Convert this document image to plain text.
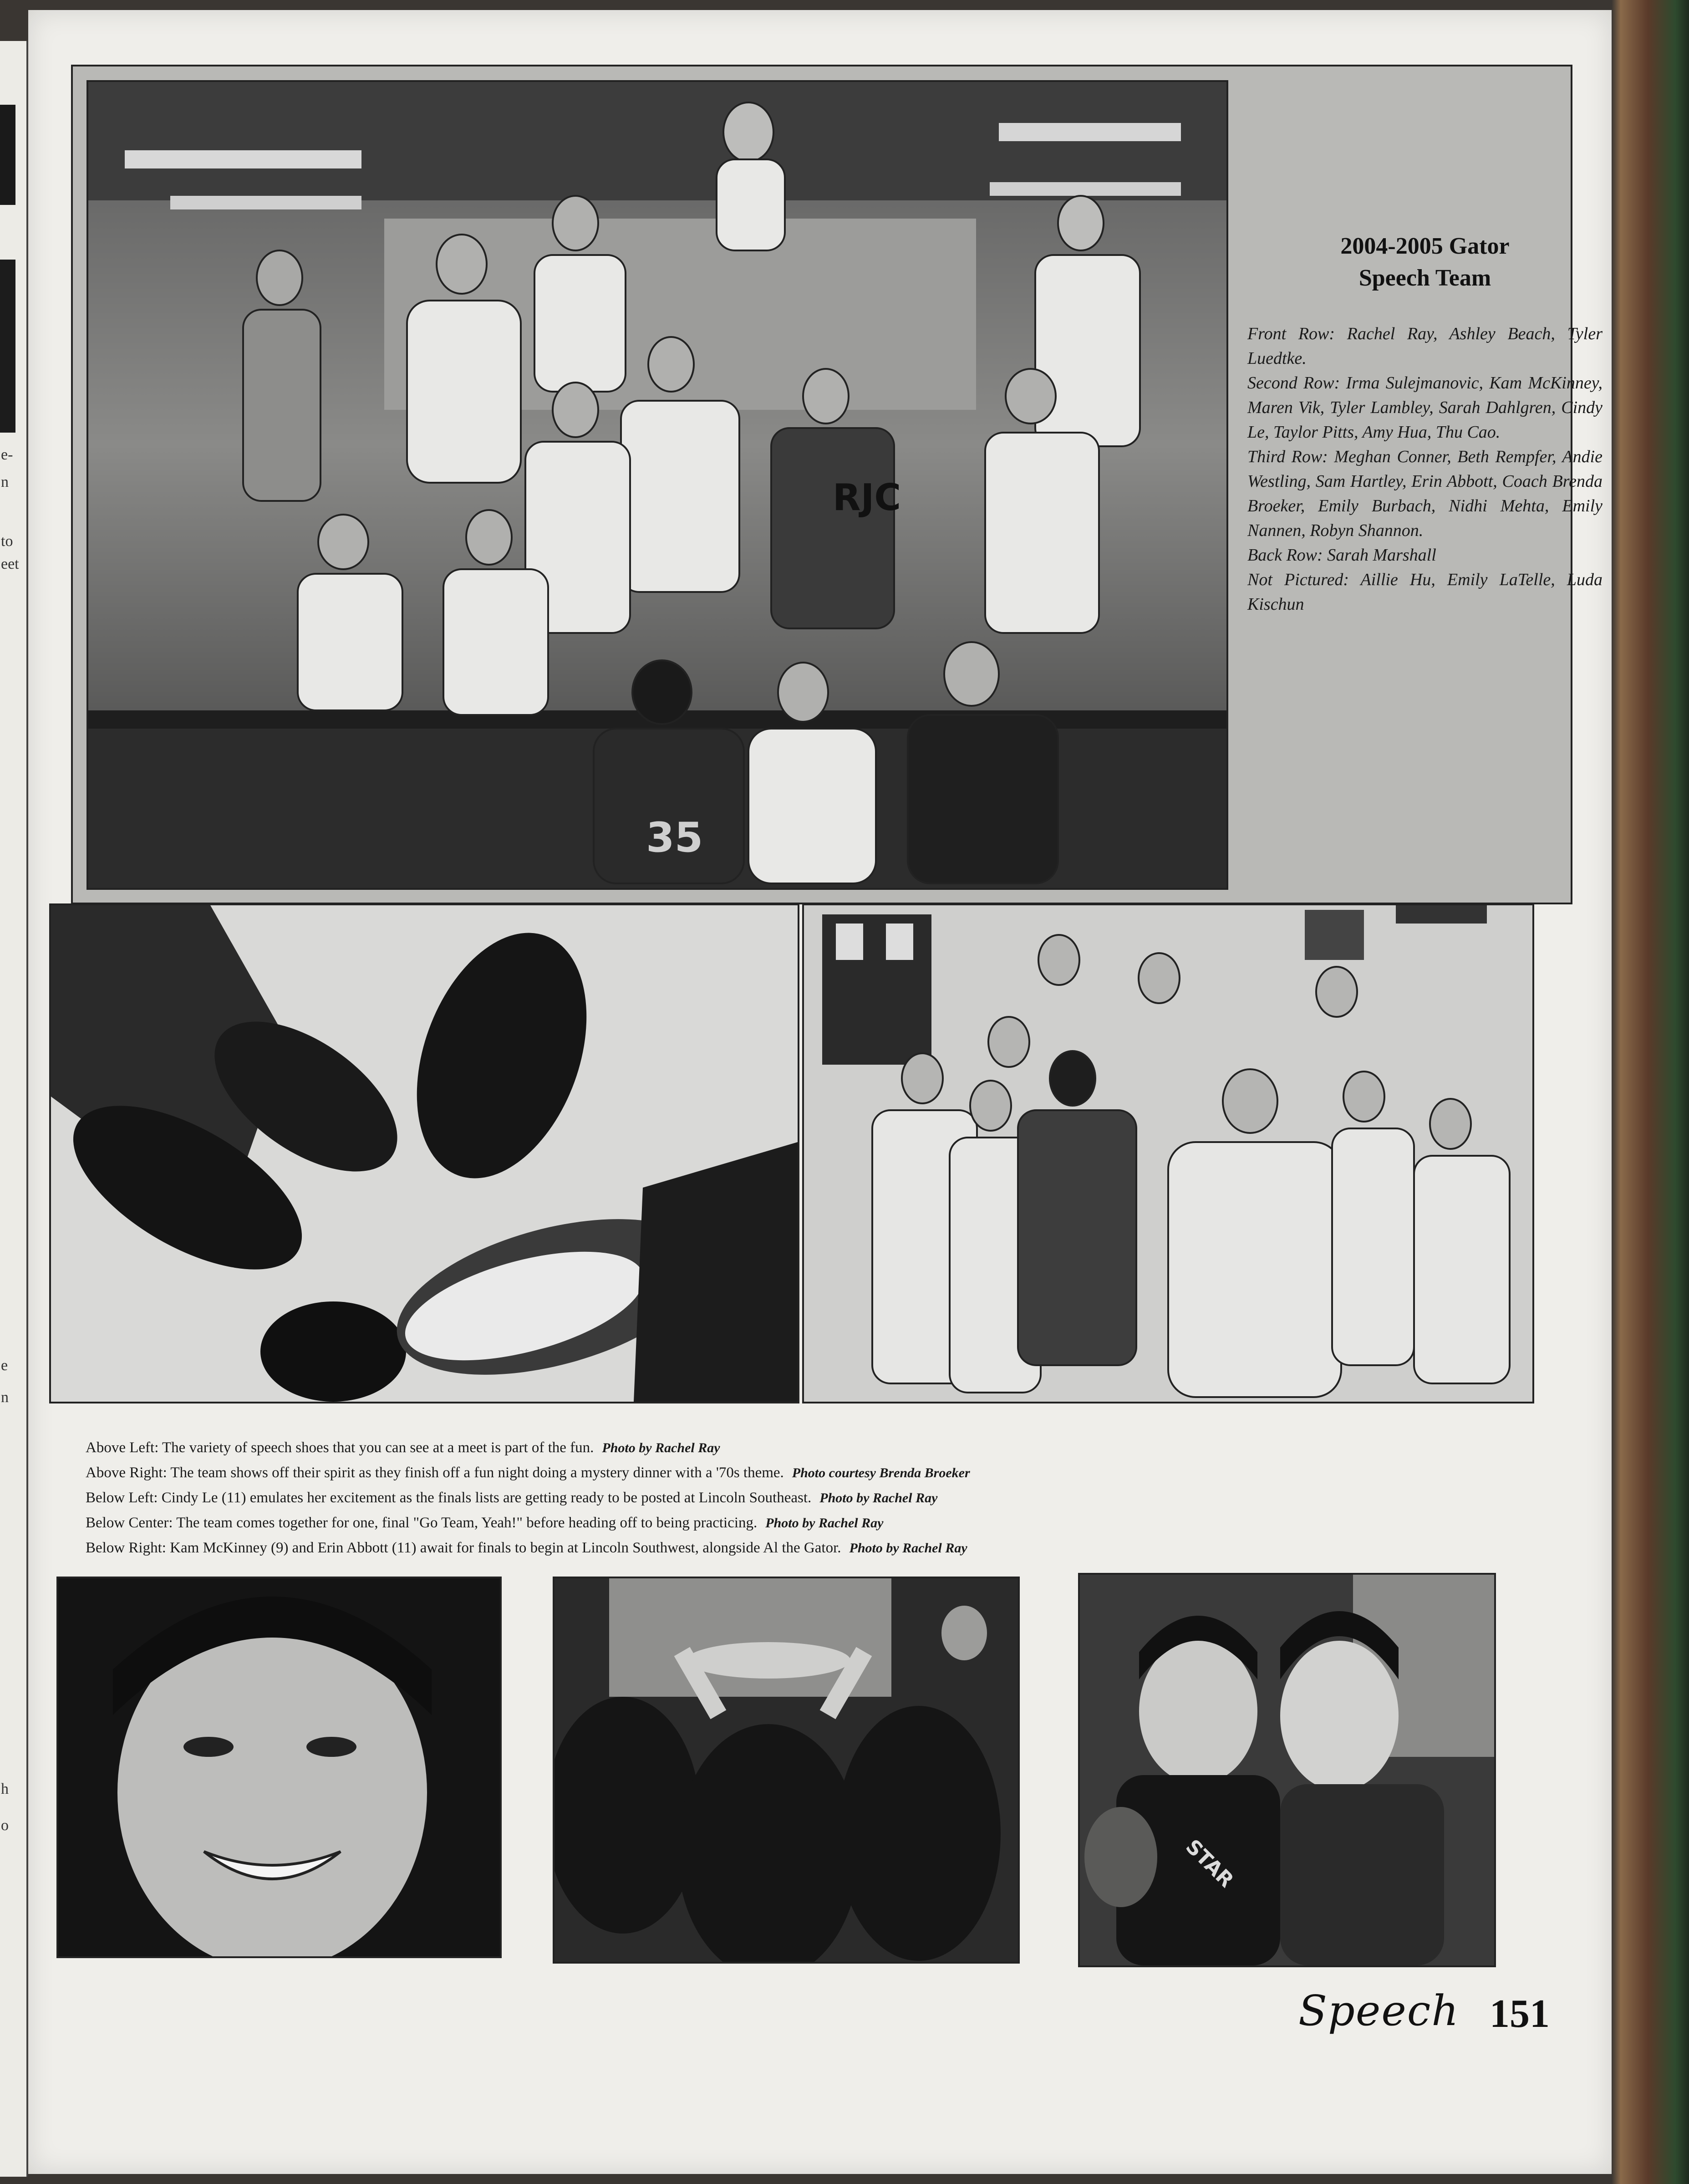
e-
n
to
eet
e
n
h
o
RJC
35
2004-2005 Gator
Speech Team
Front Row: Rachel Ray, Ashley Beach, Tyler Luedtke.
Second Row: Irma Sulejmanovic, Kam McKinney, Maren Vik, Tyler Lambley, Sarah Dahlgren, Cindy Le, Taylor Pitts, Amy Hua, Thu Cao.
Third Row: Meghan Conner, Beth Rempfer, Andie Westling, Sam Hartley, Erin Abbott, Coach Brenda Broeker, Emily Burbach, Nidhi Mehta, Emily Nannen, Robyn Shannon.
Back Row: Sarah Marshall
Not Pictured: Aillie Hu, Emily LaTelle, Luda Kischun
Above Left: The variety of speech shoes that you can see at a meet is part of the fun. Photo by Rachel Ray
Above Right: The team shows off their spirit as they finish off a fun night doing a mystery dinner with a '70s theme. Photo courtesy Brenda Broeker
Below Left: Cindy Le (11) emulates her excitement as the finals lists are getting ready to be posted at Lincoln Southeast. Photo by Rachel Ray
Below Center: The team comes together for one, final "Go Team, Yeah!" before heading off to being practicing. Photo by Rachel Ray
Below Right: Kam McKinney (9) and Erin Abbott (11) await for finals to begin at Lincoln Southwest, alongside Al the Gator. Photo by Rachel Ray
STAR
Speech 151
